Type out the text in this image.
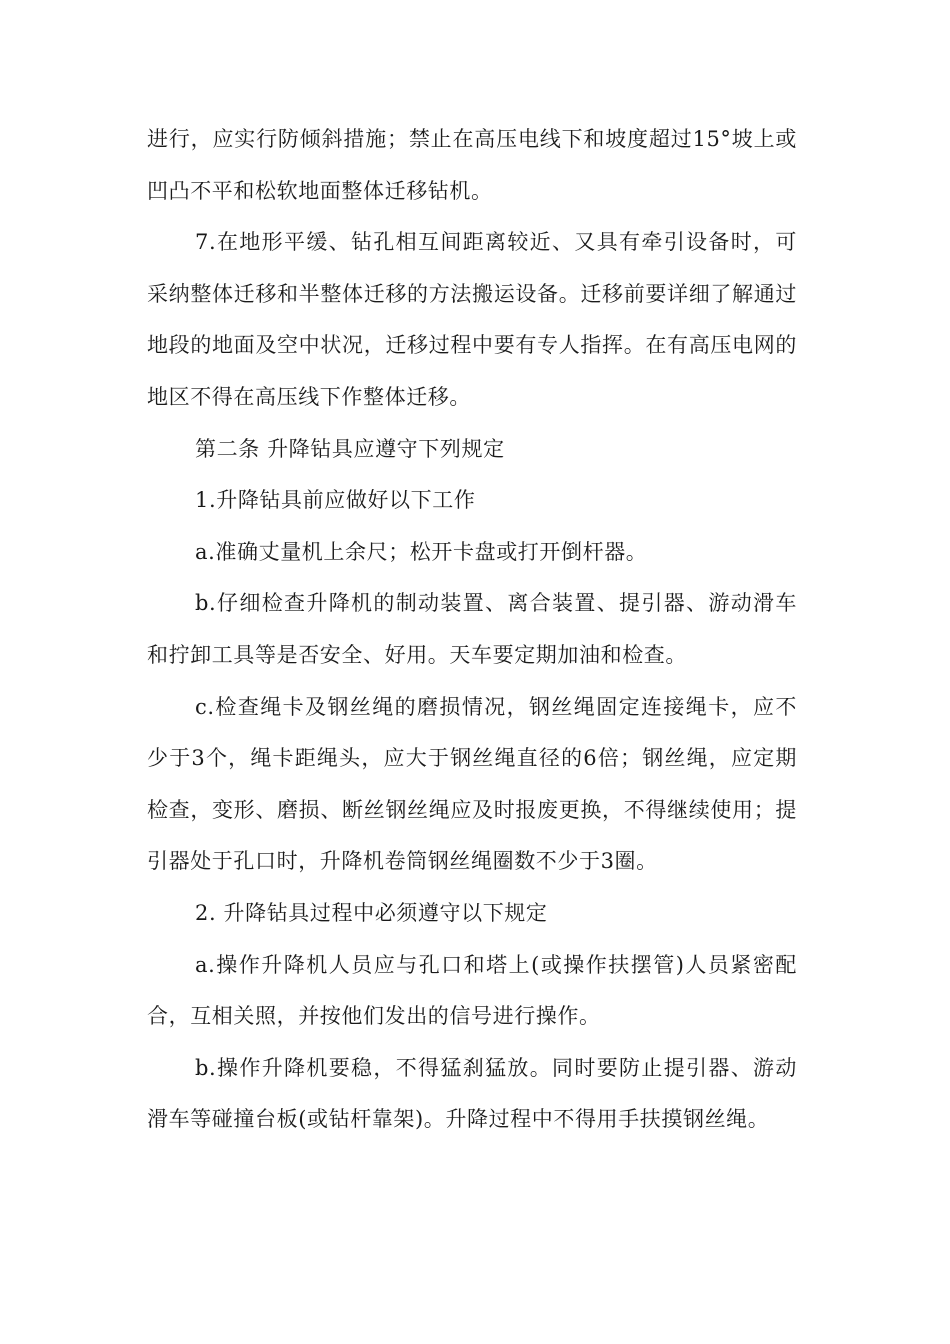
进行，应实行防倾斜措施；禁止在高压电线下和坡度超过15°坡上或凹凸不平和松软地面整体迁移钻机。

7.在地形平缓、钻孔相互间距离较近、又具有牵引设备时，可采纳整体迁移和半整体迁移的方法搬运设备。迁移前要详细了解通过地段的地面及空中状况，迁移过程中要有专人指挥。在有高压电网的地区不得在高压线下作整体迁移。

第二条 升降钻具应遵守下列规定

1.升降钻具前应做好以下工作

a.准确丈量机上余尺；松开卡盘或打开倒杆器。

b.仔细检查升降机的制动装置、离合装置、提引器、游动滑车和拧卸工具等是否安全、好用。天车要定期加油和检查。

c.检查绳卡及钢丝绳的磨损情况，钢丝绳固定连接绳卡，应不少于3个，绳卡距绳头，应大于钢丝绳直径的6倍；钢丝绳，应定期检查，变形、磨损、断丝钢丝绳应及时报废更换，不得继续使用；提引器处于孔口时，升降机卷筒钢丝绳圈数不少于3圈。

2. 升降钻具过程中必须遵守以下规定

a.操作升降机人员应与孔口和塔上(或操作扶摆管)人员紧密配合，互相关照，并按他们发出的信号进行操作。

b.操作升降机要稳，不得猛刹猛放。同时要防止提引器、游动滑车等碰撞台板(或钻杆靠架)。升降过程中不得用手扶摸钢丝绳。
